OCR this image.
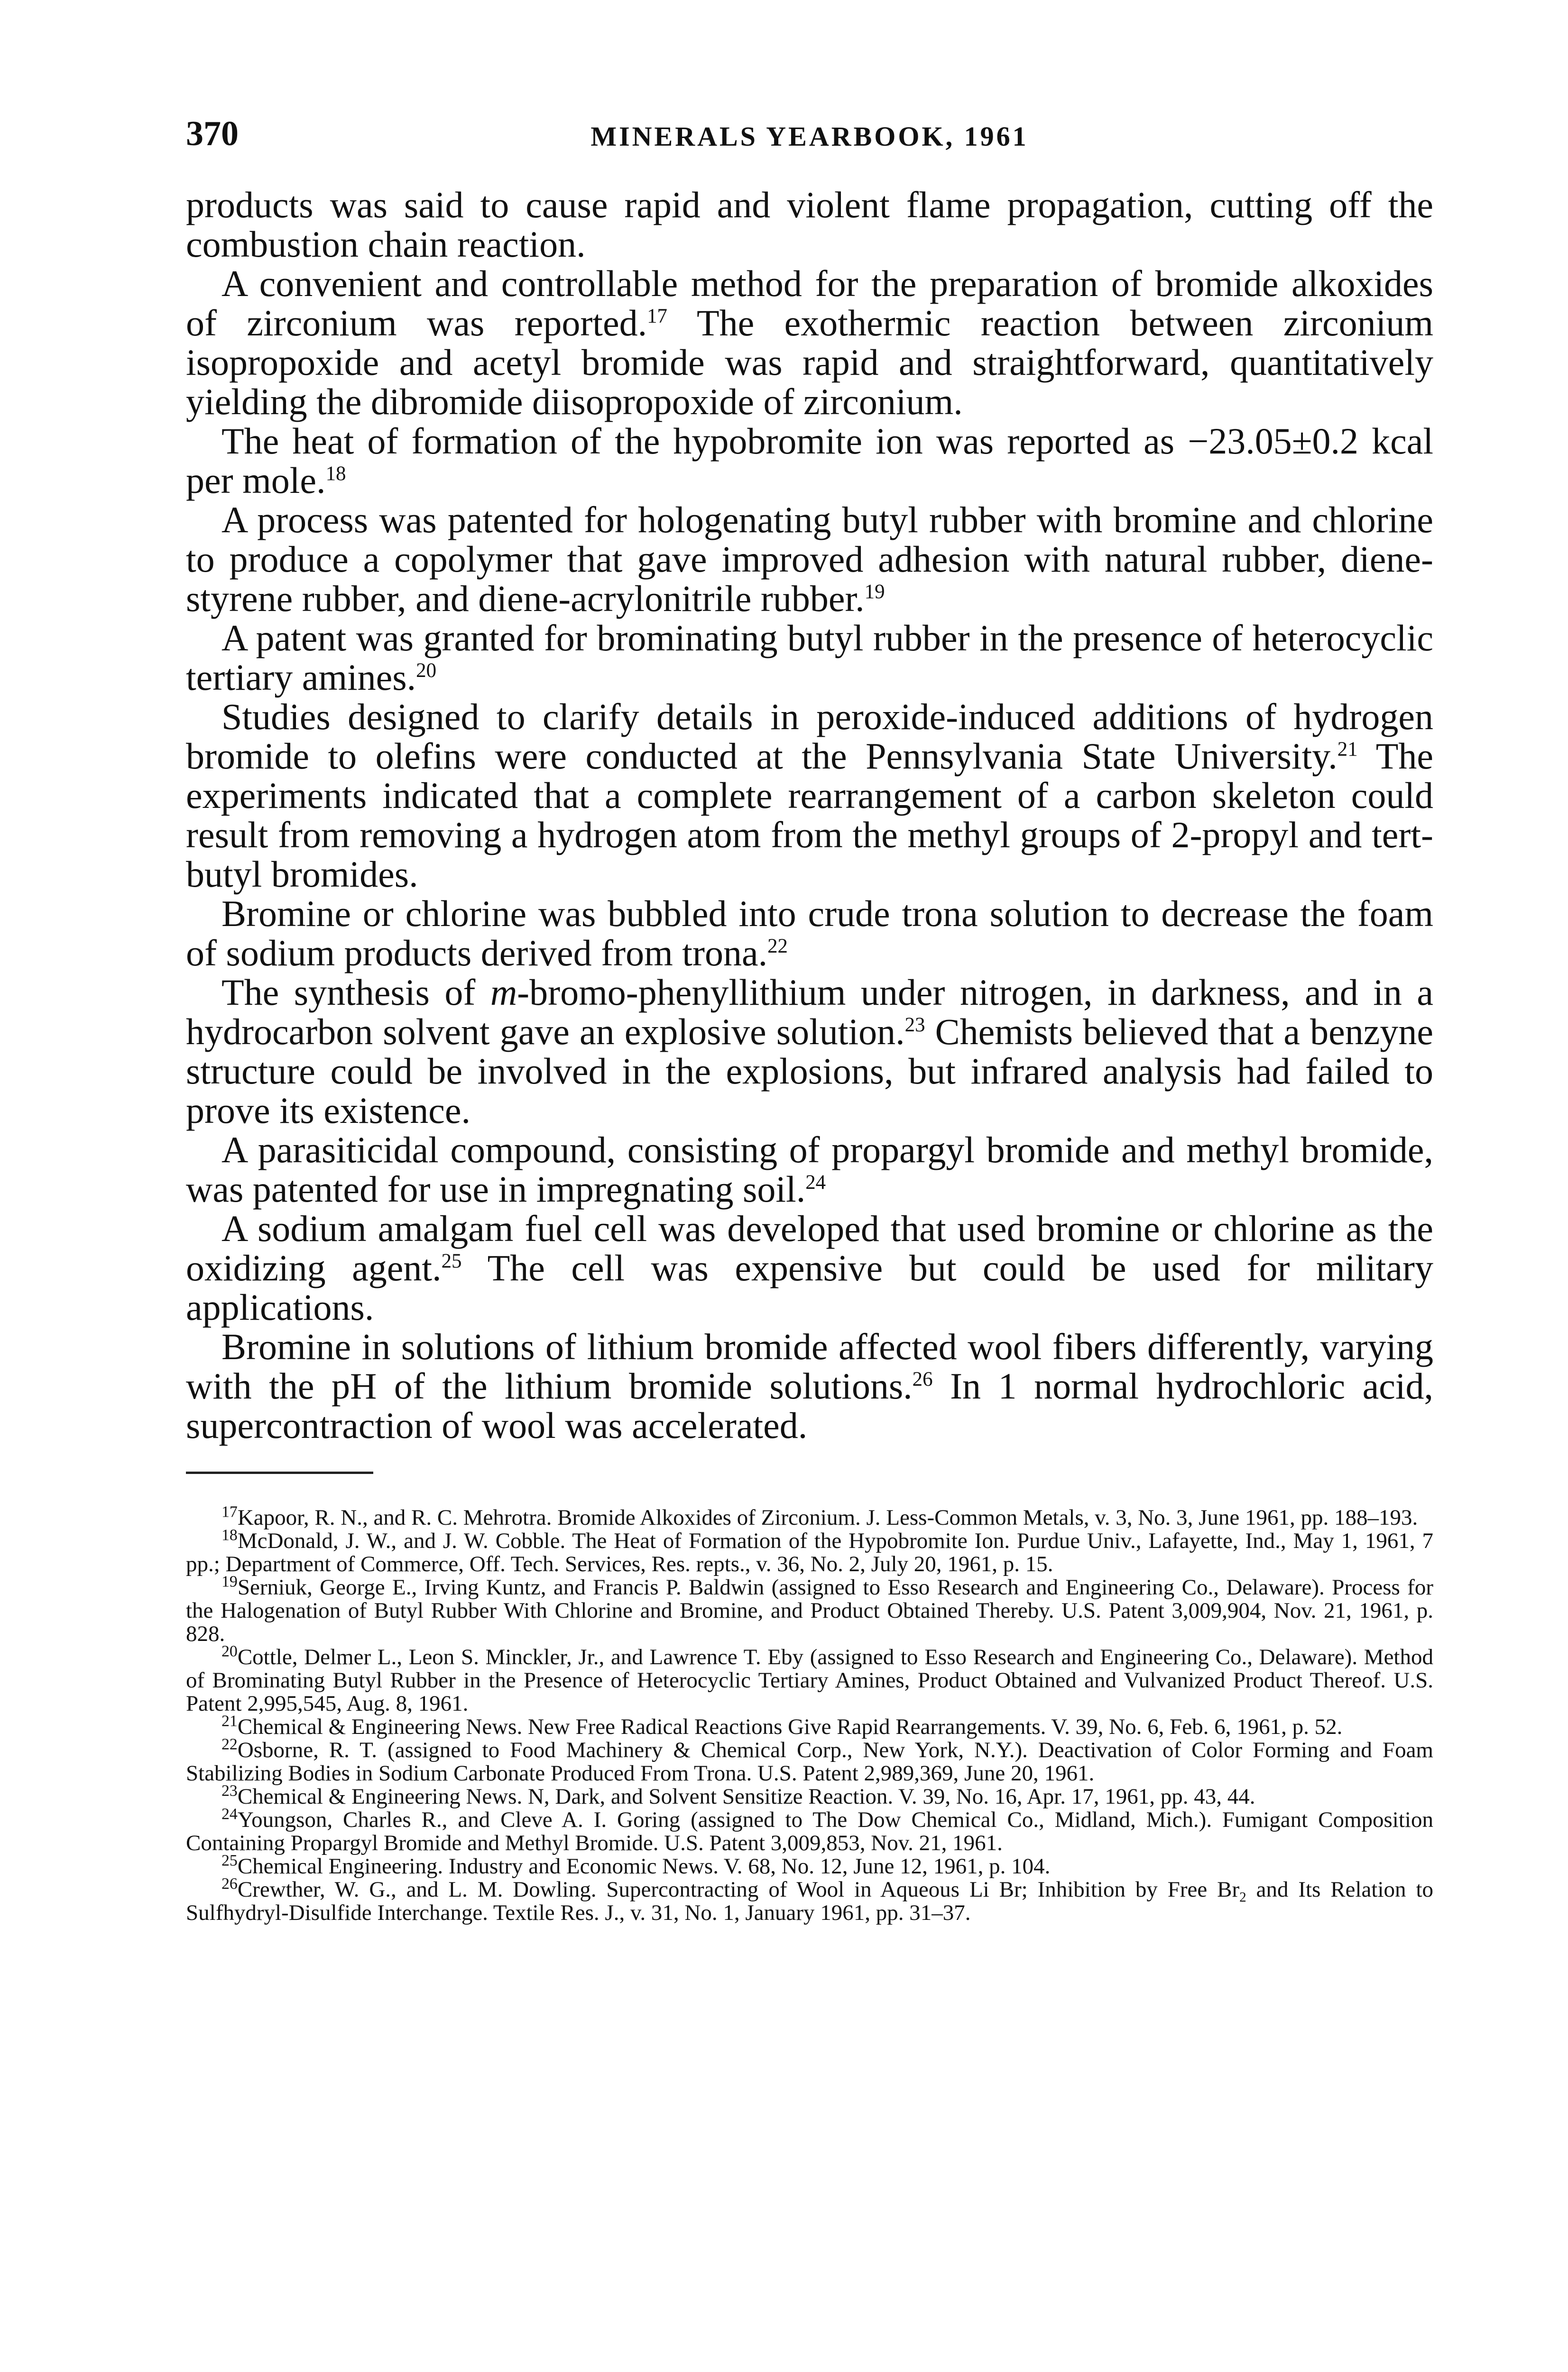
370	MINERALS YEARBOOK, 1961

products was said to cause rapid and violent flame propagation, cutting off the combustion chain reaction.

A convenient and controllable method for the preparation of bromide alkoxides of zirconium was reported.$^{17}$ The exothermic reaction between zirconium isopropoxide and acetyl bromide was rapid and straightforward, quantitatively yielding the dibromide diisopropoxide of zirconium.

The heat of formation of the hypobromite ion was reported as −23.05±0.2 kcal per mole.$^{18}$

A process was patented for hologenating butyl rubber with bromine and chlorine to produce a copolymer that gave improved adhesion with natural rubber, diene-styrene rubber, and diene-acrylonitrile rubber.$^{19}$

A patent was granted for brominating butyl rubber in the presence of heterocyclic tertiary amines.$^{20}$

Studies designed to clarify details in peroxide-induced additions of hydrogen bromide to olefins were conducted at the Pennsylvania State University.$^{21}$ The experiments indicated that a complete rearrangement of a carbon skeleton could result from removing a hydrogen atom from the methyl groups of 2-propyl and tert-butyl bromides.

Bromine or chlorine was bubbled into crude trona solution to decrease the foam of sodium products derived from trona.$^{22}$

The synthesis of m-bromo-phenyllithium under nitrogen, in darkness, and in a hydrocarbon solvent gave an explosive solution.$^{23}$ Chemists believed that a benzyne structure could be involved in the explosions, but infrared analysis had failed to prove its existence.

A parasiticidal compound, consisting of propargyl bromide and methyl bromide, was patented for use in impregnating soil.$^{24}$

A sodium amalgam fuel cell was developed that used bromine or chlorine as the oxidizing agent.$^{25}$ The cell was expensive but could be used for military applications.

Bromine in solutions of lithium bromide affected wool fibers differently, varying with the pH of the lithium bromide solutions.$^{26}$ In 1 normal hydrochloric acid, supercontraction of wool was accelerated.

$^{17}$Kapoor, R. N., and R. C. Mehrotra. Bromide Alkoxides of Zirconium. J. Less-Common Metals, v. 3, No. 3, June 1961, pp. 188–193.

$^{18}$McDonald, J. W., and J. W. Cobble. The Heat of Formation of the Hypobromite Ion. Purdue Univ., Lafayette, Ind., May 1, 1961, 7 pp.; Department of Commerce, Off. Tech. Services, Res. repts., v. 36, No. 2, July 20, 1961, p. 15.

$^{19}$Serniuk, George E., Irving Kuntz, and Francis P. Baldwin (assigned to Esso Research and Engineering Co., Delaware). Process for the Halogenation of Butyl Rubber With Chlorine and Bromine, and Product Obtained Thereby. U.S. Patent 3,009,904, Nov. 21, 1961, p. 828.

$^{20}$Cottle, Delmer L., Leon S. Minckler, Jr., and Lawrence T. Eby (assigned to Esso Research and Engineering Co., Delaware). Method of Brominating Butyl Rubber in the Presence of Heterocyclic Tertiary Amines, Product Obtained and Vulvanized Product Thereof. U.S. Patent 2,995,545, Aug. 8, 1961.

$^{21}$Chemical & Engineering News. New Free Radical Reactions Give Rapid Rearrangements. V. 39, No. 6, Feb. 6, 1961, p. 52.

$^{22}$Osborne, R. T. (assigned to Food Machinery & Chemical Corp., New York, N.Y.). Deactivation of Color Forming and Foam Stabilizing Bodies in Sodium Carbonate Produced From Trona. U.S. Patent 2,989,369, June 20, 1961.

$^{23}$Chemical & Engineering News. N, Dark, and Solvent Sensitize Reaction. V. 39, No. 16, Apr. 17, 1961, pp. 43, 44.

$^{24}$Youngson, Charles R., and Cleve A. I. Goring (assigned to The Dow Chemical Co., Midland, Mich.). Fumigant Composition Containing Propargyl Bromide and Methyl Bromide. U.S. Patent 3,009,853, Nov. 21, 1961.

$^{25}$Chemical Engineering. Industry and Economic News. V. 68, No. 12, June 12, 1961, p. 104.

$^{26}$Crewther, W. G., and L. M. Dowling. Supercontracting of Wool in Aqueous Li Br; Inhibition by Free $Br_2$ and Its Relation to Sulfhydryl-Disulfide Interchange. Textile Res. J., v. 31, No. 1, January 1961, pp. 31–37.
